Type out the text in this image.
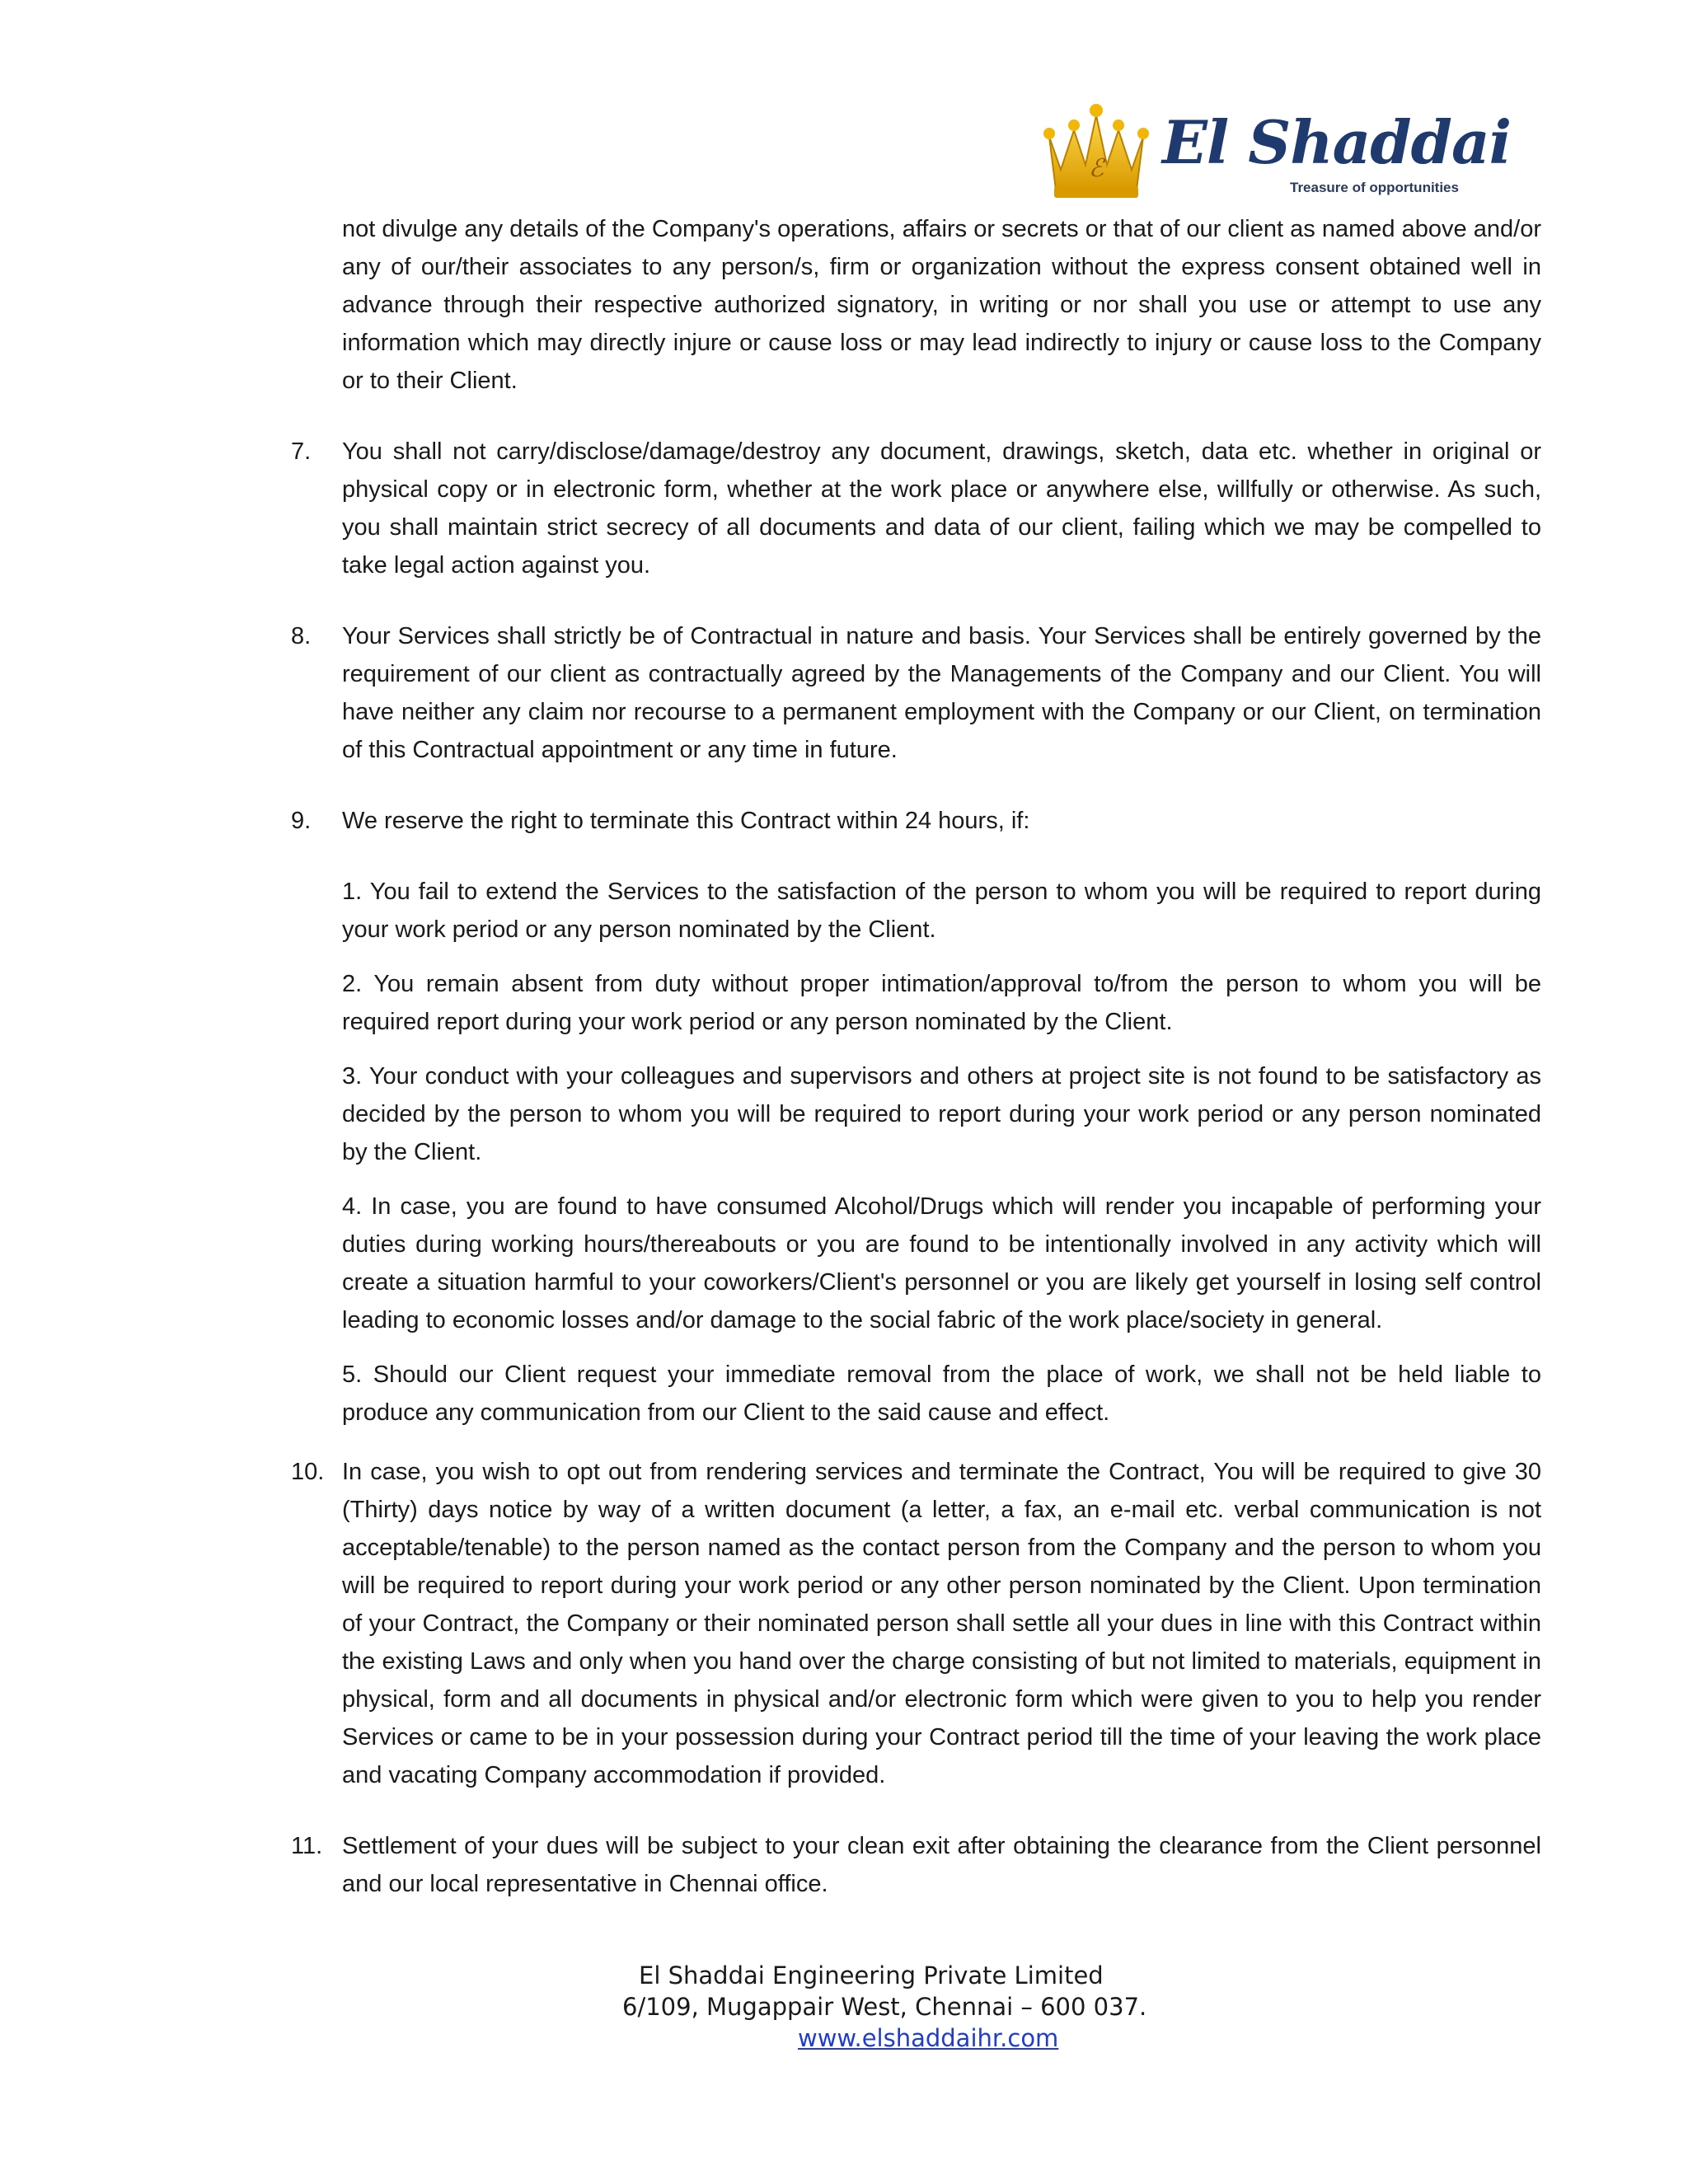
ℰ El Shaddai
Treasure of opportunities

not divulge any details of the Company's operations, affairs or secrets or that of our client as named above and/or any of our/their associates to any person/s, firm or organization without the express consent obtained well in advance through their respective authorized signatory, in writing or nor shall you use or attempt to use any information which may directly injure or cause loss or may lead indirectly to injury or cause loss to the Company or to their Client.

7.	You shall not carry/disclose/damage/destroy any document, drawings, sketch, data etc. whether in original or physical copy or in electronic form, whether at the work place or anywhere else, willfully or otherwise. As such, you shall maintain strict secrecy of all documents and data of our client, failing which we may be compelled to take legal action against you.
8.	Your Services shall strictly be of Contractual in nature and basis. Your Services shall be entirely governed by the requirement of our client as contractually agreed by the Managements of the Company and our Client. You will have neither any claim nor recourse to a permanent employment with the Company or our Client, on termination of this Contractual appointment or any time in future.
9.	We reserve the right to terminate this Contract within 24 hours, if:

1. You fail to extend the Services to the satisfaction of the person to whom you will be required to report during your work period or any person nominated by the Client.

2. You remain absent from duty without proper intimation/approval to/from the person to whom you will be required report during your work period or any person nominated by the Client.

3. Your conduct with your colleagues and supervisors and others at project site is not found to be satisfactory as decided by the person to whom you will be required to report during your work period or any person nominated by the Client.

4. In case, you are found to have consumed Alcohol/Drugs which will render you incapable of performing your duties during working hours/thereabouts or you are found to be intentionally involved in any activity which will create a situation harmful to your coworkers/Client's personnel or you are likely get yourself in losing self control leading to economic losses and/or damage to the social fabric of the work place/society in general.

5. Should our Client request your immediate removal from the place of work, we shall not be held liable to produce any communication from our Client to the said cause and effect.

10. In case, you wish to opt out from rendering services and terminate the Contract, You will be required to give 30 (Thirty) days notice by way of a written document (a letter, a fax, an e-mail etc. verbal communication is not acceptable/tenable) to the person named as the contact person from the Company and the person to whom you will be required to report during your work period or any other person nominated by the Client. Upon termination of your Contract, the Company or their nominated person shall settle all your dues in line with this Contract within the existing Laws and only when you hand over the charge consisting of but not limited to materials, equipment in physical, form and all documents in physical and/or electronic form which were given to you to help you render Services or came to be in your possession during your Contract period till the time of your leaving the work place and vacating Company accommodation if provided.
11. Settlement of your dues will be subject to your clean exit after obtaining the clearance from the Client personnel and our local representative in Chennai office.
El Shaddai Engineering Private Limited
6/109, Mugappair West, Chennai – 600 037.
www.elshaddaihr.com
